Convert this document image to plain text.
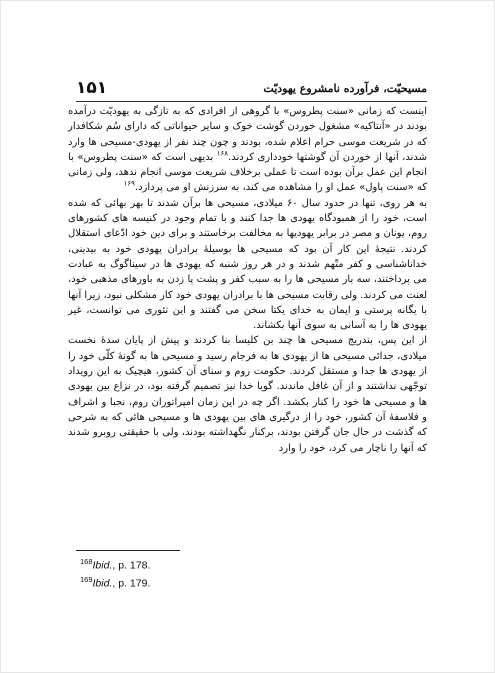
۱۵۱	مسیحیّت، فرآورده نامشروع یهودیّت

اینست که زمانی «سنت پطروس» با گروهی از افرادی که به تازگی به یهودیّت درآمده بودند در «آنتاکیه» مشغول خوردن گوشت خوک و سایر حیواناتی که دارای سُم شکافدار که در شریعت موسی حرام اعلام شده، بودند و چون چند نفر از یهودی-مسیحی ها وارد شدند، آنها از خوردن آن گوشتها خودداری کردند.$^{۱۶۸}$ بدیهی است که «سنت پطروس» با انجام این عمل برآن بوده است تا عملی برخلاف شریعت موسی انجام ندهد، ولی زمانی که «سنت پاول» عمل او را مشاهده می کند، به سرزنش او می پردازد.$^{۱۶۹}$

به هر روی، تنها در حدود سال ۶۰ میلادی، مسیحی ها برآن شدند تا بهر بهائی که شده است، خود را از همبودگاه یهودی ها جدا کنند و با تمام وجود در کنیسه های کشورهای روم، یونان و مصر در برابر یهودیها به مخالفت برخاستند و برای دین خود ادّعای استقلال کردند. نتیجهٔ این کار آن بود که مسیحی ها بوسیلهٔ برادران یهودی خود به بیدینی، خداناشناسی و کفر متّهم شدند و در هر روز شنبه که یهودی ها در سیناگوگ به عبادت می پرداختند، سه بار مسیحی ها را به سبب کفر و پشت پا زدن به باورهای مذهبی خود، لعنت می کردند. ولی رقابت مسیحی ها با برادران یهودی خود کار مشکلی نبود، زیرا آنها با یگانه پرستی و ایمان به خدای یکتا سخن می گفتند و این تئوری می توانست، غیر یهودی ها را به آسانی به سوی آنها بکشاند.

از این پس، بتدریج مسیحی ها چند بن کلیسا بنا کردند و پیش از پایان سدهٔ نخست میلادی، جدائی مسیحی ها از یهودی ها به فرجام رسید و مسیحی ها به گونهٔ کلّی خود را از یهودی ها جدا و مستقل کردند. حکومت روم و سنای آن کشور، هیچیک به این رویداد توجّهی نداشتند و از آن غافل ماندند. گویا خدا نیز تصمیم گرفته بود، در نزاع بین یهودی ها و مسیحی ها خود را کنار بکشد. اگر چه در این زمان امپراتوران روم، نجبا و اشراف و فلاسفهٔ آن کشور، خود را از درگیری های بین یهودی ها و مسیحی هائی که به شرحی که گذشت در حال جان گرفتن بودند، برکنار نگهداشته بودند، ولی با حقیقتی روبرو شدند که آنها را ناچار می کرد، خود را وارد

$^{168}$Ibid., p. 178.
$^{169}$Ibid., p. 179.
